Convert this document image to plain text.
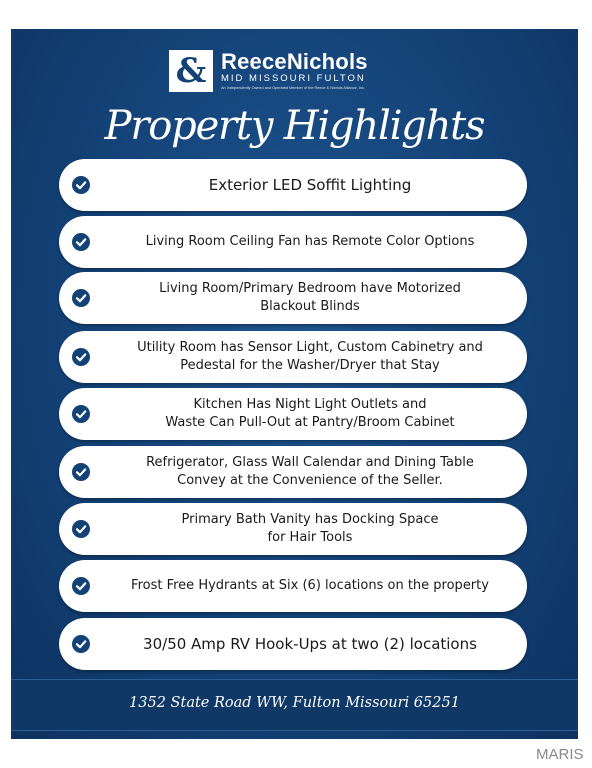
& ReeceNichols
MID MISSOURI FULTON
An Independently Owned and Operated Member of the Reece & Nichols Alliance, Inc.
Property Highlights
Exterior LED Soffit Lighting
Living Room Ceiling Fan has Remote Color Options
Living Room/Primary Bedroom have Motorized
Blackout Blinds
Utility Room has Sensor Light, Custom Cabinetry and
Pedestal for the Washer/Dryer that Stay
Kitchen Has Night Light Outlets and
Waste Can Pull-Out at Pantry/Broom Cabinet
Refrigerator, Glass Wall Calendar and Dining Table
Convey at the Convenience of the Seller.
Primary Bath Vanity has Docking Space
for Hair Tools
Frost Free Hydrants at Six (6) locations on the property
30/50 Amp RV Hook-Ups at two (2) locations
1352 State Road WW, Fulton Missouri 65251
MARIS
